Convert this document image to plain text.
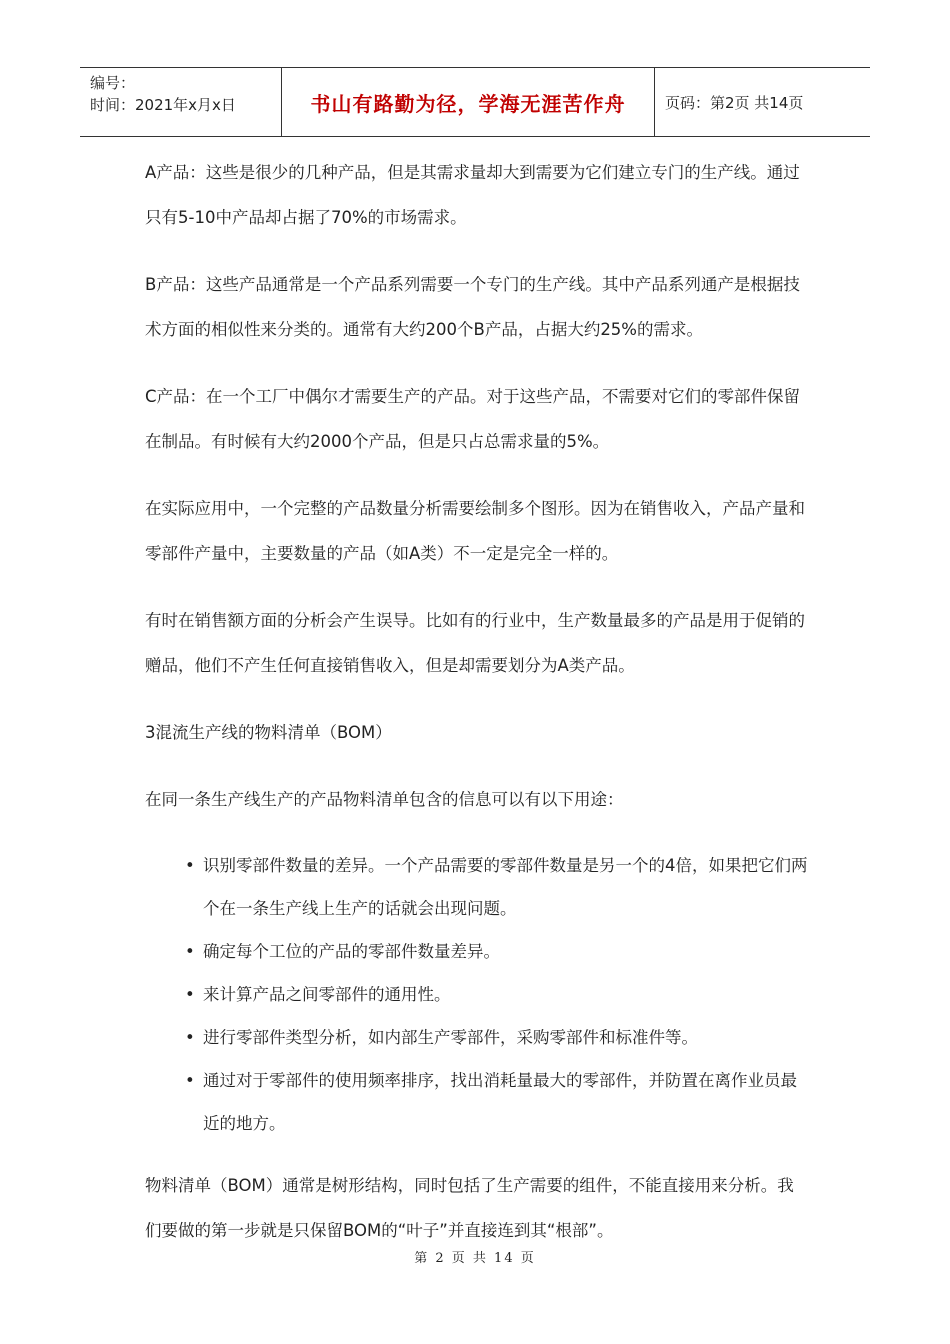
编号：
时间：2021年x月x日	书山有路勤为径，学海无涯苦作舟	页码：第2页 共14页

A产品：这些是很少的几种产品，但是其需求量却大到需要为它们建立专门的生产线。通过只有5-10中产品却占据了70%的市场需求。

B产品：这些产品通常是一个产品系列需要一个专门的生产线。其中产品系列通产是根据技术方面的相似性来分类的。通常有大约200个B产品，占据大约25%的需求。

C产品：在一个工厂中偶尔才需要生产的产品。对于这些产品，不需要对它们的零部件保留在制品。有时候有大约2000个产品，但是只占总需求量的5%。

在实际应用中，一个完整的产品数量分析需要绘制多个图形。因为在销售收入，产品产量和零部件产量中，主要数量的产品（如A类）不一定是完全一样的。

有时在销售额方面的分析会产生误导。比如有的行业中，生产数量最多的产品是用于促销的赠品，他们不产生任何直接销售收入，但是却需要划分为A类产品。

3混流生产线的物料清单（BOM）

在同一条生产线生产的产品物料清单包含的信息可以有以下用途：

• 识别零部件数量的差异。一个产品需要的零部件数量是另一个的4倍，如果把它们两个在一条生产线上生产的话就会出现问题。
• 确定每个工位的产品的零部件数量差异。
• 来计算产品之间零部件的通用性。
• 进行零部件类型分析，如内部生产零部件，采购零部件和标准件等。
• 通过对于零部件的使用频率排序，找出消耗量最大的零部件，并防置在离作业员最近的地方。

物料清单（BOM）通常是树形结构，同时包括了生产需要的组件，不能直接用来分析。我们要做的第一步就是只保留BOM的“叶子”并直接连到其“根部”。

第 2 页 共 14 页
